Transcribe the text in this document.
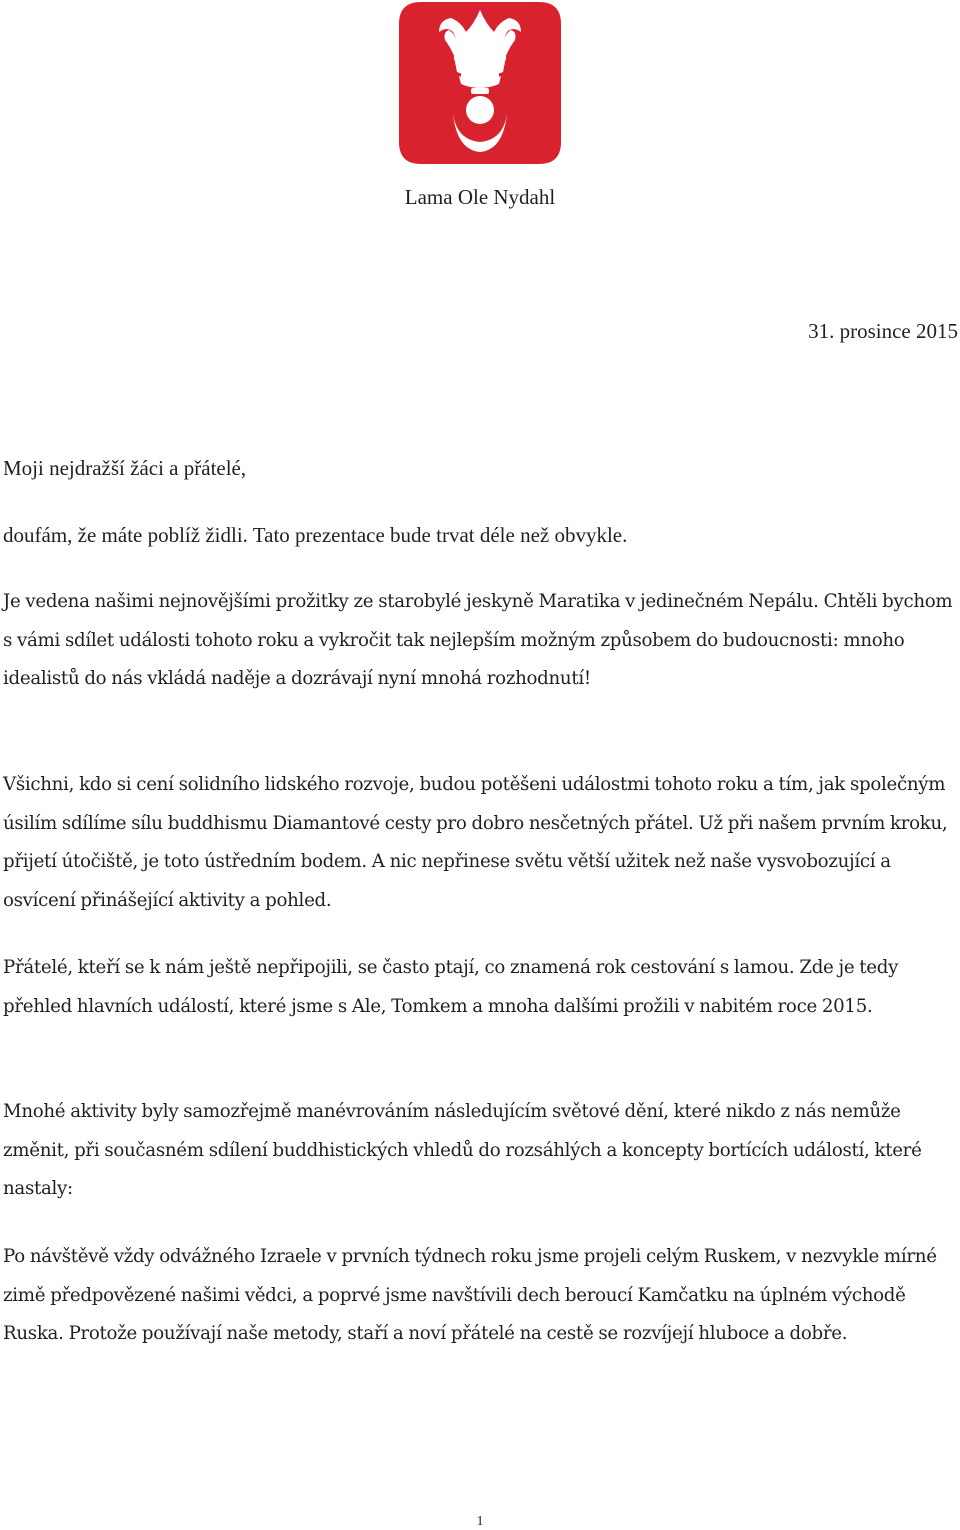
Lama Ole Nydahl
31. prosince 2015

Moji nejdražší žáci a přátelé,

doufám, že máte poblíž židli. Tato prezentace bude trvat déle než obvykle.

Je vedena našimi nejnovějšími prožitky ze starobylé jeskyně Maratika v jedinečném Nepálu. Chtěli bychom s vámi sdílet události tohoto roku a vykročit tak nejlepším možným způsobem do budoucnosti: mnoho idealistů do nás vkládá naděje a dozrávají nyní mnohá rozhodnutí!

Všichni, kdo si cení solidního lidského rozvoje, budou potěšeni událostmi tohoto roku a tím, jak společným úsilím sdílíme sílu buddhismu Diamantové cesty pro dobro nesčetných přátel. Už při našem prvním kroku, přijetí útočiště, je toto ústředním bodem. A nic nepřinese světu větší užitek než naše vysvobozující a osvícení přinášející aktivity a pohled.

Přátelé, kteří se k nám ještě nepřipojili, se často ptají, co znamená rok cestování s lamou. Zde je tedy přehled hlavních událostí, které jsme s Ale, Tomkem a mnoha dalšími prožili v nabitém roce 2015.

Mnohé aktivity byly samozřejmě manévrováním následujícím světové dění, které nikdo z nás nemůže změnit, při současném sdílení buddhistických vhledů do rozsáhlých a koncepty bortících událostí, které nastaly:

Po návštěvě vždy odvážného Izraele v prvních týdnech roku jsme projeli celým Ruskem, v nezvykle mírné zimě předpovězené našimi vědci, a poprvé jsme navštívili dech beroucí Kamčatku na úplném východě Ruska. Protože používají naše metody, staří a noví přátelé na cestě se rozvíjejí hluboce a dobře.

1
